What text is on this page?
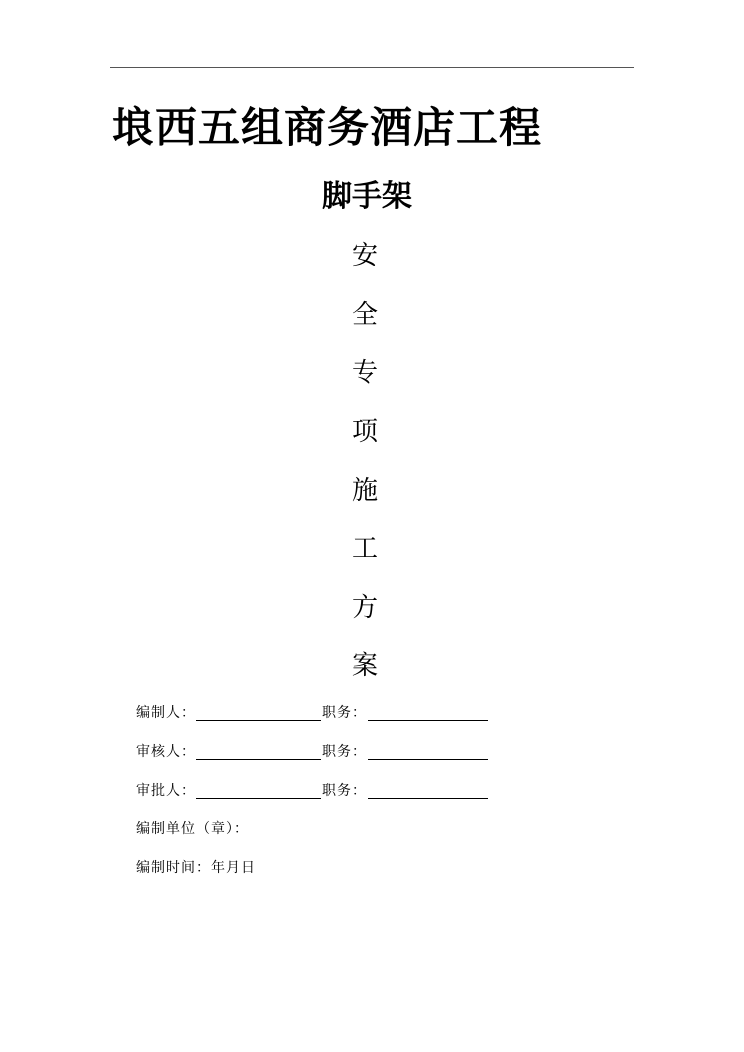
埌西五组商务酒店工程
脚手架
安
全
专
项
施
工
方
案
编制人：	职务：
审核人：	职务：
审批人：	职务：
编制单位（章）：
编制时间：年月日
